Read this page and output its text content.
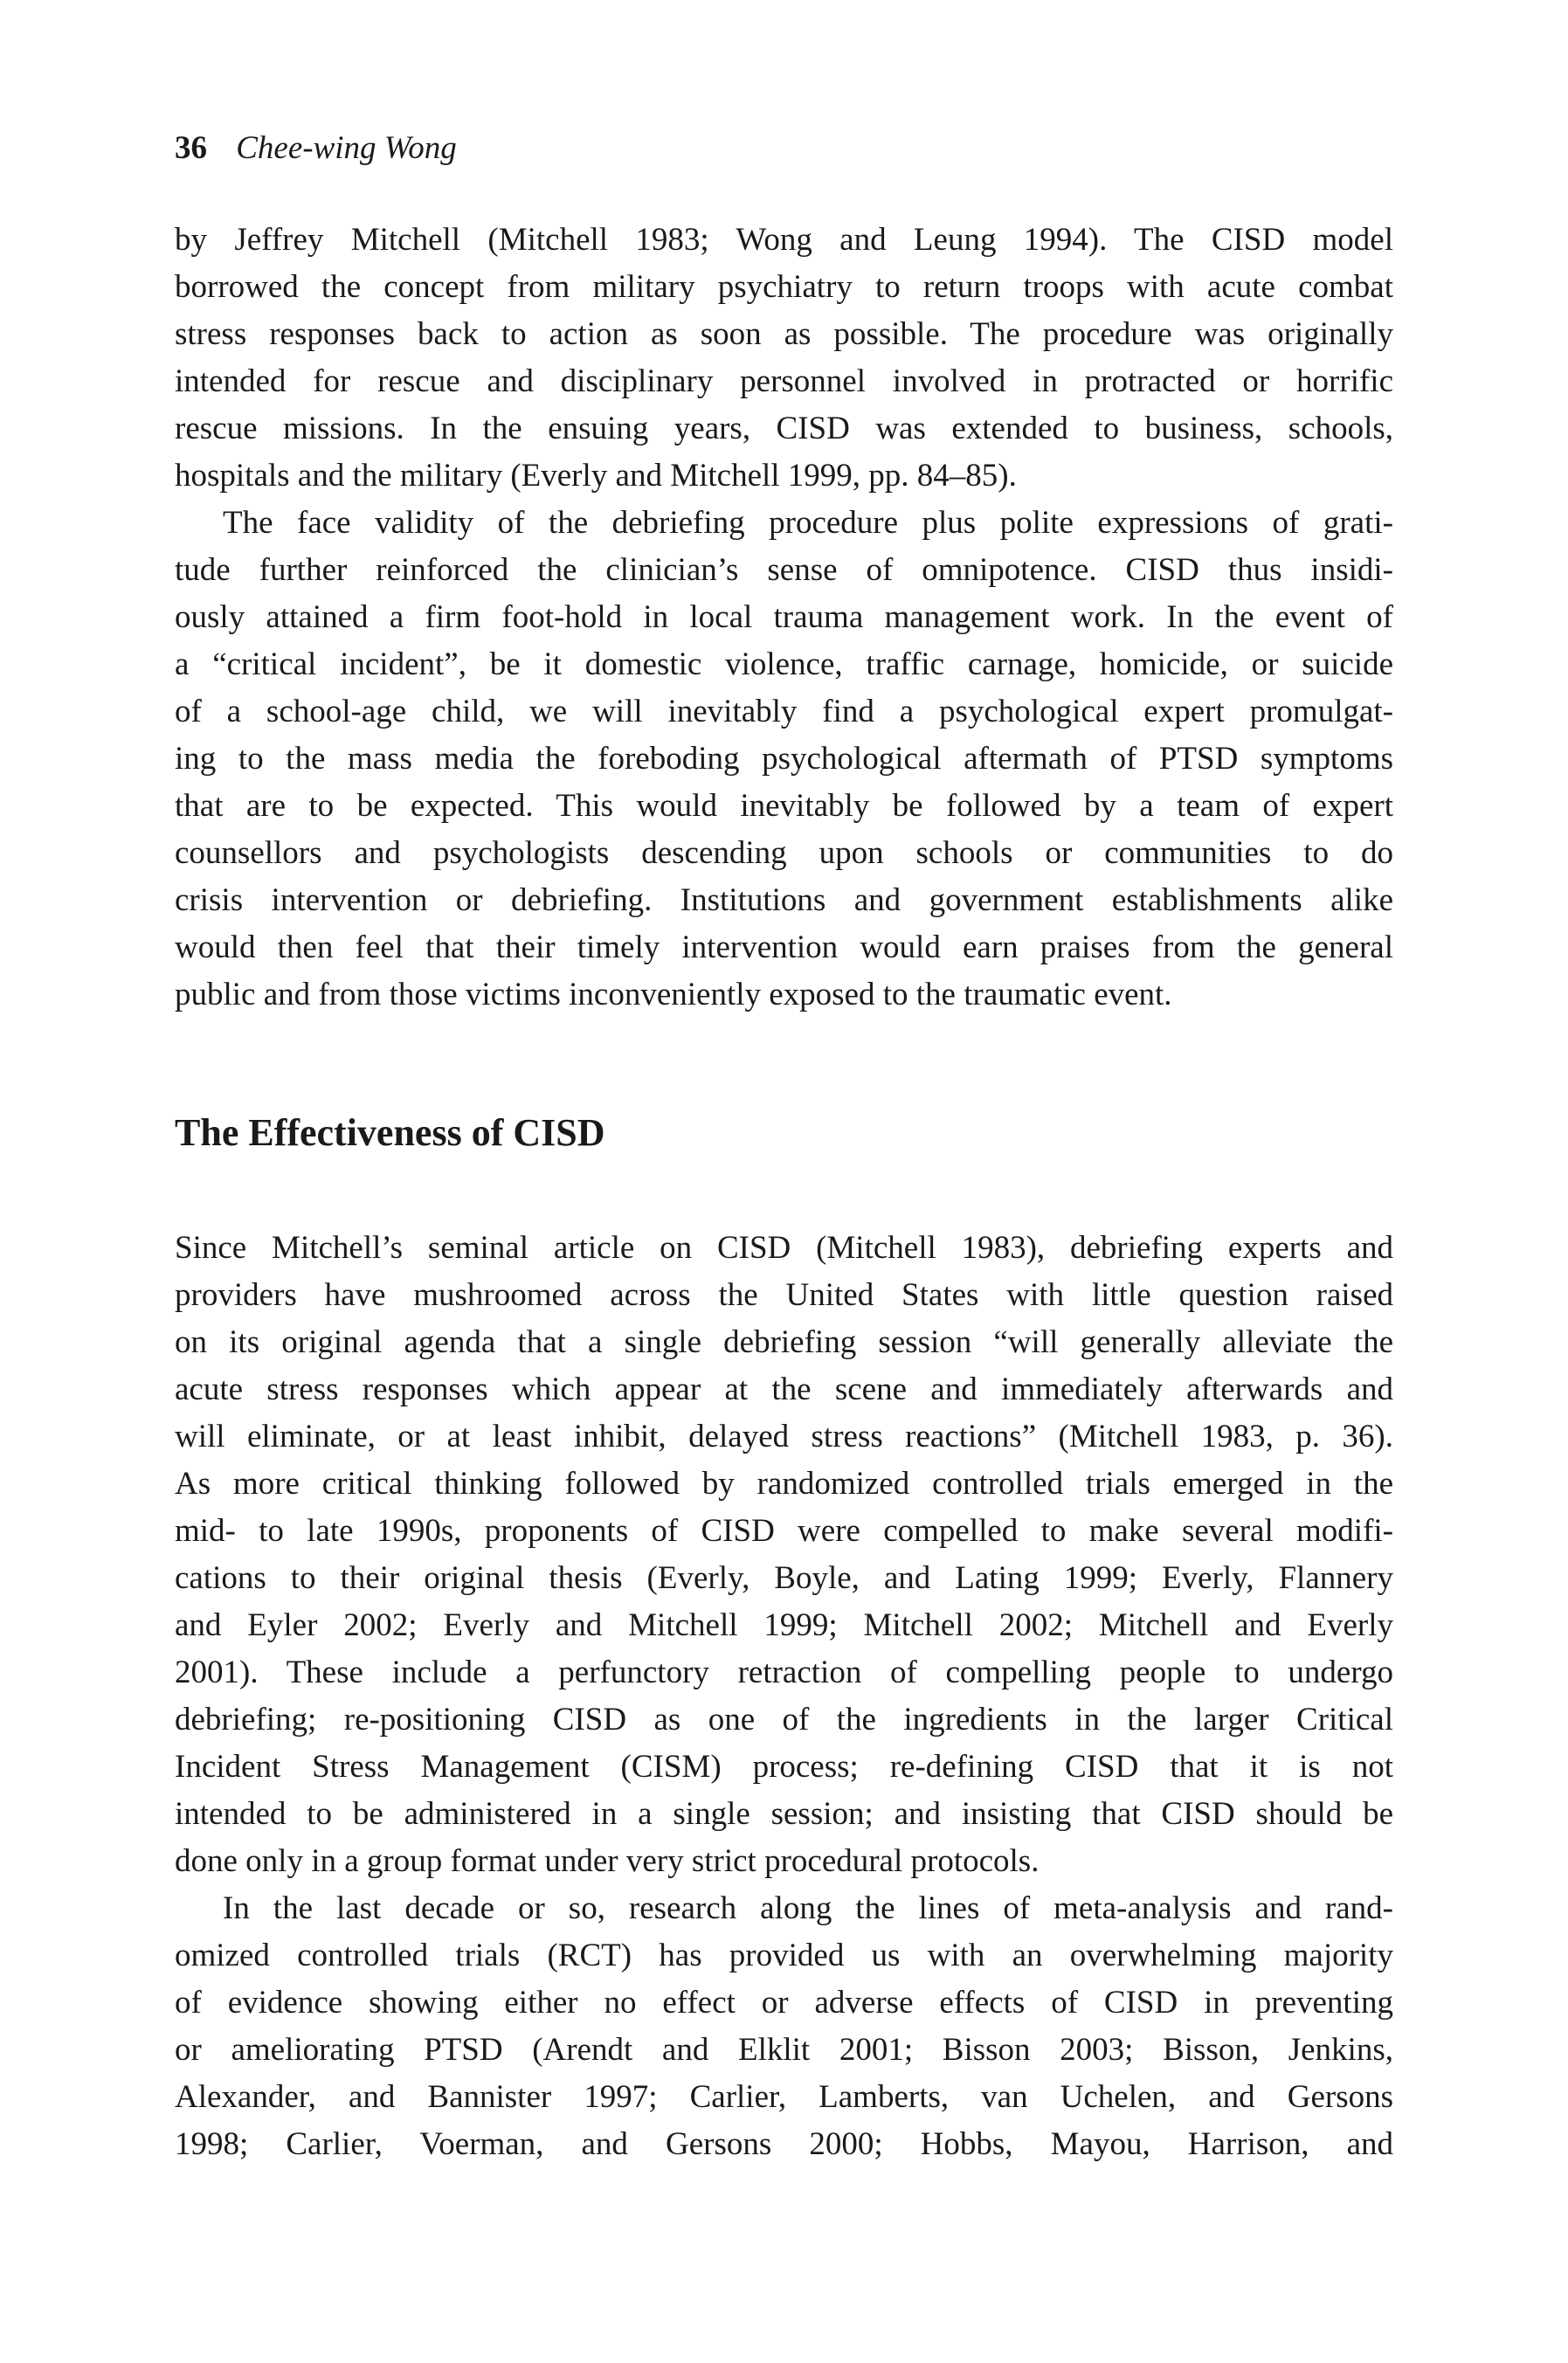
36 Chee-wing Wong
by Jeffrey Mitchell (Mitchell 1983; Wong and Leung 1994). The CISD model
borrowed the concept from military psychiatry to return troops with acute combat
stress responses back to action as soon as possible. The procedure was originally
intended for rescue and disciplinary personnel involved in protracted or horrific
rescue missions. In the ensuing years, CISD was extended to business, schools,
hospitals and the military (Everly and Mitchell 1999, pp. 84–85).
The face validity of the debriefing procedure plus polite expressions of grati-
tude further reinforced the clinician’s sense of omnipotence. CISD thus insidi-
ously attained a firm foot-hold in local trauma management work. In the event of
a “critical incident”, be it domestic violence, traffic carnage, homicide, or suicide
of a school-age child, we will inevitably find a psychological expert promulgat-
ing to the mass media the foreboding psychological aftermath of PTSD symptoms
that are to be expected. This would inevitably be followed by a team of expert
counsellors and psychologists descending upon schools or communities to do
crisis intervention or debriefing. Institutions and government establishments alike
would then feel that their timely intervention would earn praises from the general
public and from those victims inconveniently exposed to the traumatic event.
The Effectiveness of CISD
Since Mitchell’s seminal article on CISD (Mitchell 1983), debriefing experts and
providers have mushroomed across the United States with little question raised
on its original agenda that a single debriefing session “will generally alleviate the
acute stress responses which appear at the scene and immediately afterwards and
will eliminate, or at least inhibit, delayed stress reactions” (Mitchell 1983, p. 36).
As more critical thinking followed by randomized controlled trials emerged in the
mid- to late 1990s, proponents of CISD were compelled to make several modifi-
cations to their original thesis (Everly, Boyle, and Lating 1999; Everly, Flannery
and Eyler 2002; Everly and Mitchell 1999; Mitchell 2002; Mitchell and Everly
2001). These include a perfunctory retraction of compelling people to undergo
debriefing; re-positioning CISD as one of the ingredients in the larger Critical
Incident Stress Management (CISM) process; re-defining CISD that it is not
intended to be administered in a single session; and insisting that CISD should be
done only in a group format under very strict procedural protocols.
In the last decade or so, research along the lines of meta-analysis and rand-
omized controlled trials (RCT) has provided us with an overwhelming majority
of evidence showing either no effect or adverse effects of CISD in preventing
or ameliorating PTSD (Arendt and Elklit 2001; Bisson 2003; Bisson, Jenkins,
Alexander, and Bannister 1997; Carlier, Lamberts, van Uchelen, and Gersons
1998; Carlier, Voerman, and Gersons 2000; Hobbs, Mayou, Harrison, and
